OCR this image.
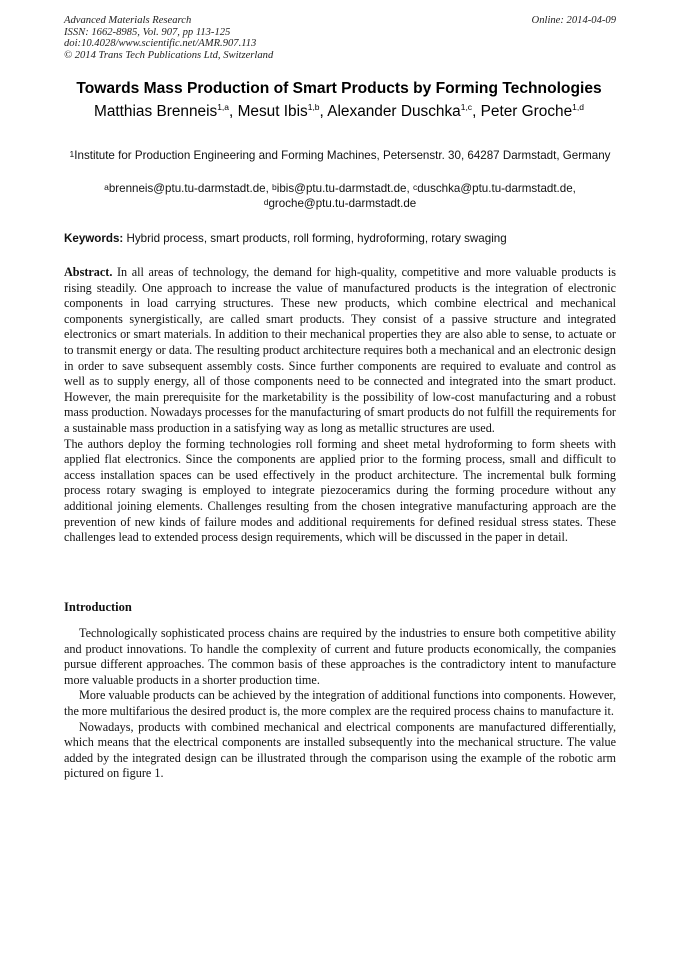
Advanced Materials Research
ISSN: 1662-8985, Vol. 907, pp 113-125
doi:10.4028/www.scientific.net/AMR.907.113
© 2014 Trans Tech Publications Ltd, Switzerland
Online: 2014-04-09
Towards Mass Production of Smart Products by Forming Technologies
Matthias Brenneis$^{1,a}$, Mesut Ibis$^{1,b}$, Alexander Duschka$^{1,c}$, Peter Groche$^{1,d}$
$^1$Institute for Production Engineering and Forming Machines, Petersenstr. 30, 64287 Darmstadt, Germany
$^a$brenneis@ptu.tu-darmstadt.de, $^b$ibis@ptu.tu-darmstadt.de, $^c$duschka@ptu.tu-darmstadt.de,
$^d$groche@ptu.tu-darmstadt.de
Keywords: Hybrid process, smart products, roll forming, hydroforming, rotary swaging

Abstract. In all areas of technology, the demand for high-quality, competitive and more valuable products is rising steadily. One approach to increase the value of manufactured products is the integration of electronic components in load carrying structures. These new products, which combine electrical and mechanical components synergistically, are called smart products. They consist of a passive structure and integrated electronics or smart materials. In addition to their mechanical properties they are also able to sense, to actuate or to transmit energy or data. The resulting product architecture requires both a mechanical and an electronic design in order to save subsequent assembly costs. Since further components are required to evaluate and control as well as to supply energy, all of those components need to be connected and integrated into the smart product. However, the main prerequisite for the marketability is the possibility of low-cost manufacturing and a robust mass production. Nowadays processes for the manufacturing of smart products do not fulfill the requirements for a sustainable mass production in a satisfying way as long as metallic structures are used.

The authors deploy the forming technologies roll forming and sheet metal hydroforming to form sheets with applied flat electronics. Since the components are applied prior to the forming process, small and difficult to access installation spaces can be used effectively in the product architecture. The incremental bulk forming process rotary swaging is employed to integrate piezoceramics during the forming procedure without any additional joining elements. Challenges resulting from the chosen integrative manufacturing approach are the prevention of new kinds of failure modes and additional requirements for defined residual stress states. These challenges lead to extended process design requirements, which will be discussed in the paper in detail.

Introduction

Technologically sophisticated process chains are required by the industries to ensure both competitive ability and product innovations. To handle the complexity of current and future products economically, the companies pursue different approaches. The common basis of these approaches is the contradictory intent to manufacture more valuable products in a shorter production time.

More valuable products can be achieved by the integration of additional functions into components. However, the more multifarious the desired product is, the more complex are the required process chains to manufacture it.

Nowadays, products with combined mechanical and electrical components are manufactured differentially, which means that the electrical components are installed subsequently into the mechanical structure. The value added by the integrated design can be illustrated through the comparison using the example of the robotic arm pictured on figure 1.
